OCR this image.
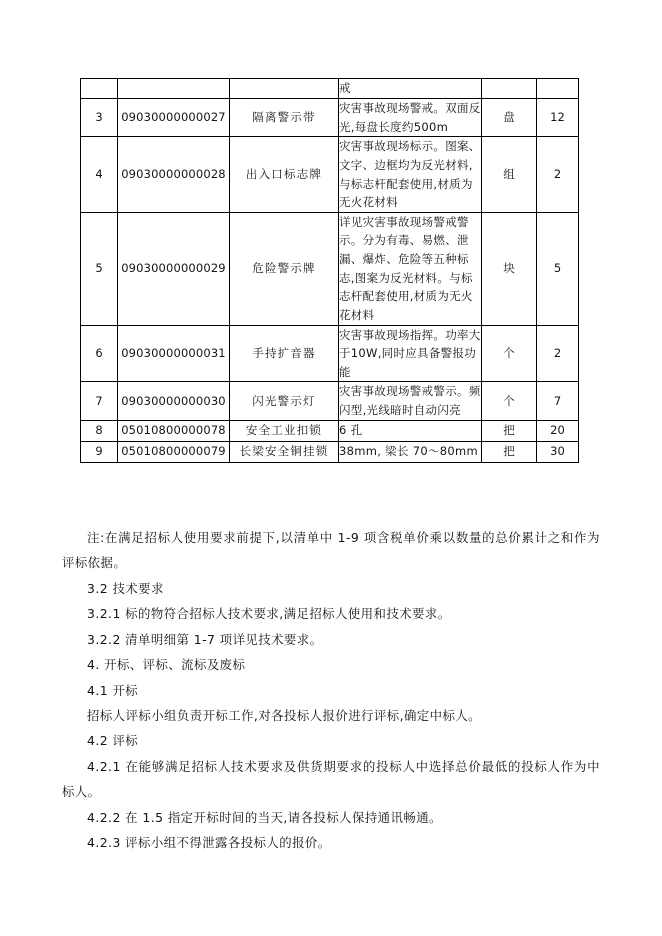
			戒		
3	09030000000027	隔离警示带	灾害事故现场警戒。双面反光,每盘长度约500m	盘	12
4	09030000000028	出入口标志牌	灾害事故现场标示。图案、文字、边框均为反光材料,与标志杆配套使用,材质为无火花材料	组	2
5	09030000000029	危险警示牌	详见灾害事故现场警戒警示。分为有毒、易燃、泄漏、爆炸、危险等五种标志,图案为反光材料。与标志杆配套使用,材质为无火花材料	块	5
6	09030000000031	手持扩音器	灾害事故现场指挥。功率大于10W,同时应具备警报功能	个	2
7	09030000000030	闪光警示灯	灾害事故现场警戒警示。频闪型,光线暗时自动闪亮	个	7
8	05010800000078	安全工业扣锁	6 孔	把	20
9	05010800000079	长梁安全铜挂锁	38mm, 梁长 70～80mm	把	30

注:在满足招标人使用要求前提下,以清单中 1-9 项含税单价乘以数量的总价累计之和作为评标依据。

3.2 技术要求

3.2.1 标的物符合招标人技术要求,满足招标人使用和技术要求。

3.2.2 清单明细第 1-7 项详见技术要求。

4. 开标、评标、流标及废标

4.1 开标

招标人评标小组负责开标工作,对各投标人报价进行评标,确定中标人。

4.2 评标

4.2.1 在能够满足招标人技术要求及供货期要求的投标人中选择总价最低的投标人作为中标人。

4.2.2 在 1.5 指定开标时间的当天,请各投标人保持通讯畅通。

4.2.3 评标小组不得泄露各投标人的报价。
